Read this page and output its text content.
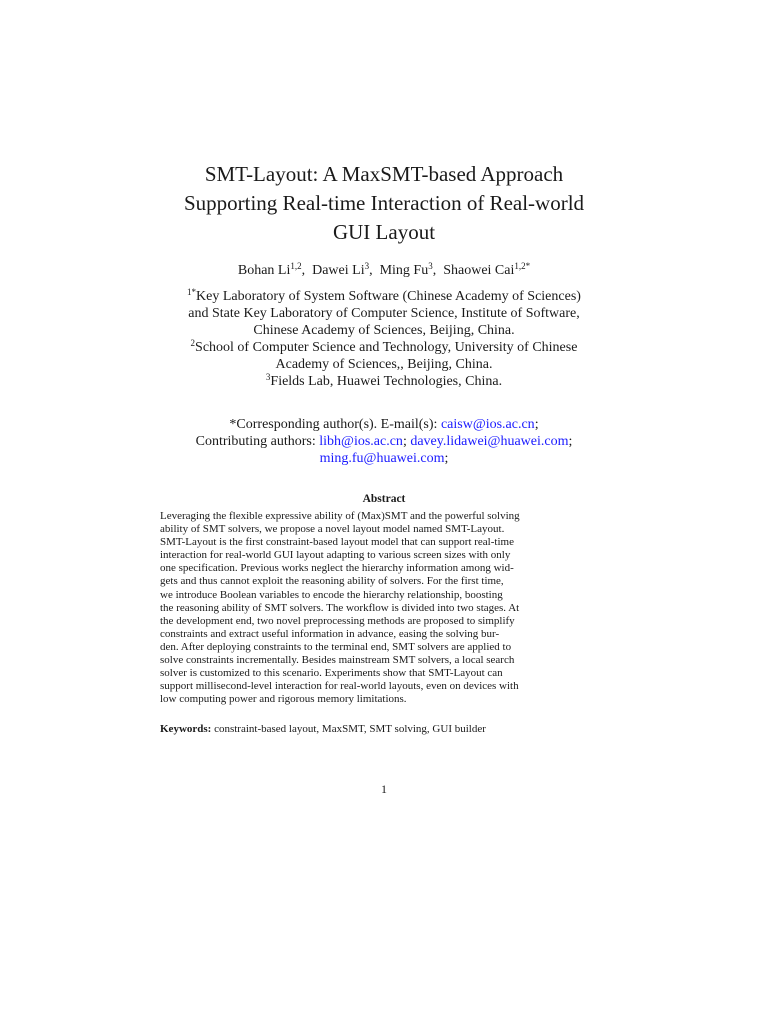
SMT-Layout: A MaxSMT-based Approach
Supporting Real-time Interaction of Real-world
GUI Layout
Bohan Li$^{1,2}$,  Dawei Li$^3$,  Ming Fu$^3$,  Shaowei Cai$^{1,2*}$
$^{1*}$Key Laboratory of System Software (Chinese Academy of Sciences)
and State Key Laboratory of Computer Science, Institute of Software,
Chinese Academy of Sciences, Beijing, China.
$^2$School of Computer Science and Technology, University of Chinese
Academy of Sciences,, Beijing, China.
$^3$Fields Lab, Huawei Technologies, China.
*Corresponding author(s). E-mail(s): caisw@ios.ac.cn;
Contributing authors: libh@ios.ac.cn; davey.lidawei@huawei.com;
ming.fu@huawei.com;
Abstract

Leveraging the flexible expressive ability of (Max)SMT and the powerful solving
ability of SMT solvers, we propose a novel layout model named SMT-Layout.
SMT-Layout is the first constraint-based layout model that can support real-time
interaction for real-world GUI layout adapting to various screen sizes with only
one specification. Previous works neglect the hierarchy information among wid-
gets and thus cannot exploit the reasoning ability of solvers. For the first time,
we introduce Boolean variables to encode the hierarchy relationship, boosting
the reasoning ability of SMT solvers. The workflow is divided into two stages. At
the development end, two novel preprocessing methods are proposed to simplify
constraints and extract useful information in advance, easing the solving bur-
den. After deploying constraints to the terminal end, SMT solvers are applied to
solve constraints incrementally. Besides mainstream SMT solvers, a local search
solver is customized to this scenario. Experiments show that SMT-Layout can
support millisecond-level interaction for real-world layouts, even on devices with
low computing power and rigorous memory limitations.

Keywords: constraint-based layout, MaxSMT, SMT solving, GUI builder
1
